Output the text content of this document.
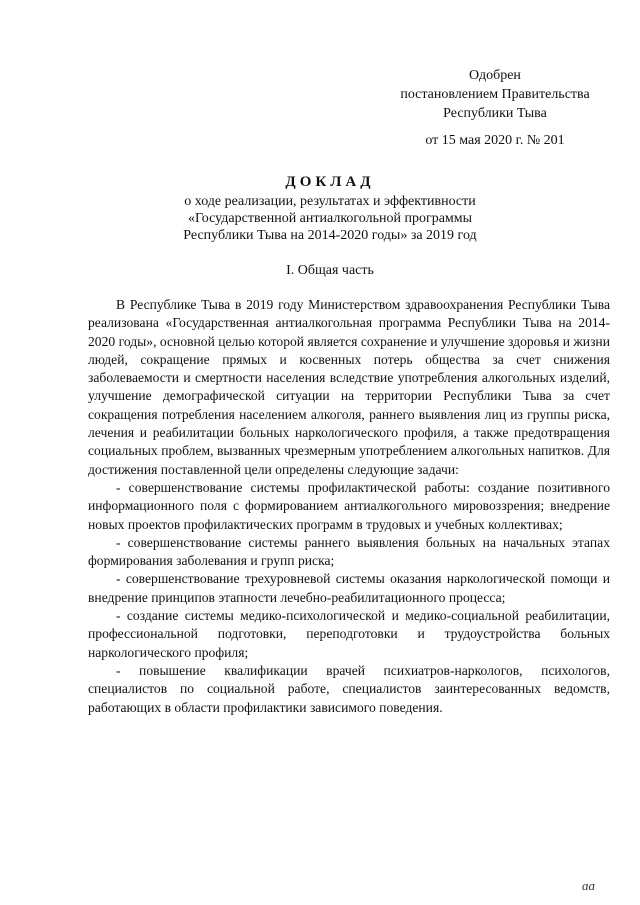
Одобрен
постановлением Правительства
Республики Тыва
от 15 мая 2020 г. № 201
ДОКЛАД
о ходе реализации, результатах и эффективности
«Государственной антиалкогольной программы
Республики Тыва на 2014-2020 годы» за 2019 год
I. Общая часть

В Республике Тыва в 2019 году Министерством здравоохранения Республики Тыва реализована «Государственная антиалкогольная программа Республики Тыва на 2014-2020 годы», основной целью которой является сохранение и улучшение здоровья и жизни людей, сокращение прямых и косвенных потерь общества за счет снижения заболеваемости и смертности населения вследствие употребления алкогольных изделий, улучшение демографической ситуации на территории Республики Тыва за счет сокращения потребления населением алкоголя, раннего выявления лиц из группы риска, лечения и реабилитации больных наркологического профиля, а также предотвращения социальных проблем, вызванных чрезмерным употреблением алкогольных напитков. Для достижения поставленной цели определены следующие задачи:

- совершенствование системы профилактической работы: создание позитивного информационного поля с формированием антиалкогольного мировоззрения; внедрение новых проектов профилактических программ в трудовых и учебных коллективах;

- совершенствование системы раннего выявления больных на начальных этапах формирования заболевания и групп риска;

- совершенствование трехуровневой системы оказания наркологической помощи и внедрение принципов этапности лечебно-реабилитационного процесса;

- создание системы медико-психологической и медико-социальной реабилитации, профессиональной подготовки, переподготовки и трудоустройства больных наркологического профиля;

- повышение квалификации врачей психиатров-наркологов, психологов, специалистов по социальной работе, специалистов заинтересованных ведомств, работающих в области профилактики зависимого поведения.

ɑɑ
